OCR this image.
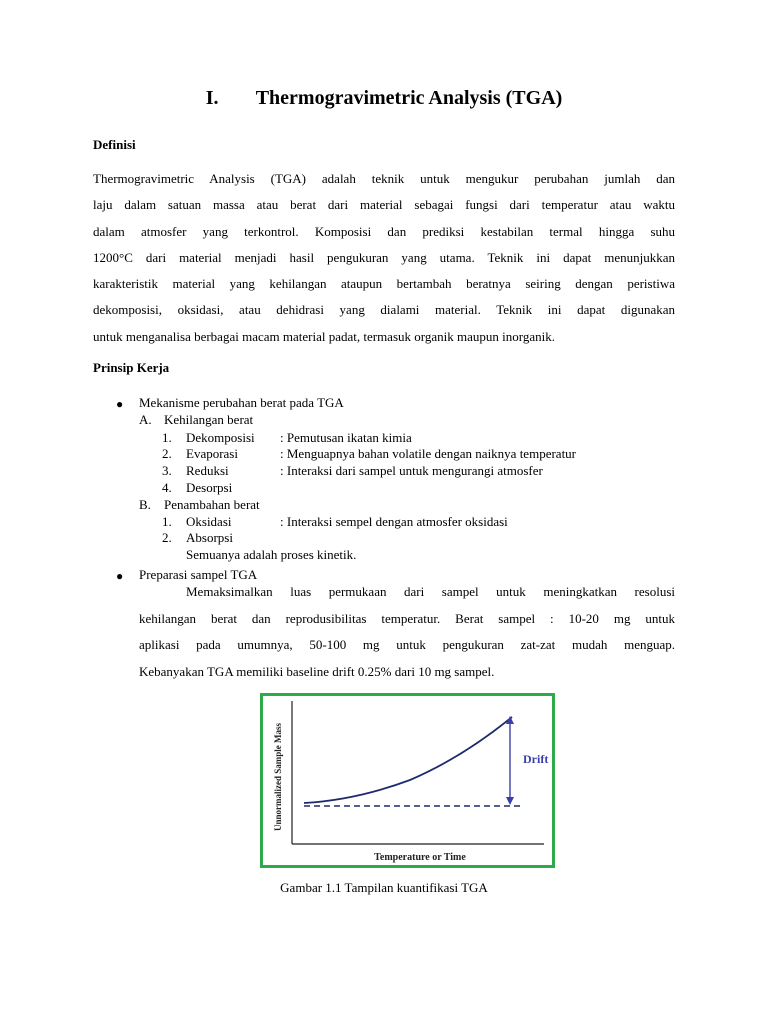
I. Thermogravimetric Analysis (TGA)
Definisi
Thermogravimetric Analysis (TGA) adalah teknik untuk mengukur perubahan jumlah dan
laju dalam satuan massa atau berat dari material sebagai fungsi dari temperatur atau waktu
dalam atmosfer yang terkontrol. Komposisi dan prediksi kestabilan termal hingga suhu
1200°C dari material menjadi hasil pengukuran yang utama. Teknik ini dapat menunjukkan
karakteristik material yang kehilangan ataupun bertambah beratnya seiring dengan peristiwa
dekomposisi, oksidasi, atau dehidrasi yang dialami material. Teknik ini dapat digunakan
untuk menganalisa berbagai macam material padat, termasuk organik maupun inorganik.
Prinsip Kerja
● Mekanisme perubahan berat pada TGA
A. Kehilangan berat
1. Dekomposisi : Pemutusan ikatan kimia
2. Evaporasi	: Menguapnya bahan volatile dengan naiknya temperatur
3. Reduksi	: Interaksi dari sampel untuk mengurangi atmosfer
4. Desorpsi
B. Penambahan berat
1. Oksidasi	: Interaksi sempel dengan atmosfer oksidasi
2. Absorpsi
Semuanya adalah proses kinetik.
● Preparasi sampel TGA
Memaksimalkan luas permukaan dari sampel untuk meningkatkan resolusi
kehilangan berat dan reprodusibilitas temperatur. Berat sampel : 10-20 mg untuk
aplikasi pada umumnya, 50-100 mg untuk pengukuran zat-zat mudah menguap.
Kebanyakan TGA memiliki baseline drift 0.25% dari 10 mg sampel.
Unnormalized Sample Mass
Temperature or Time
Drift
Gambar 1.1 Tampilan kuantifikasi TGA
